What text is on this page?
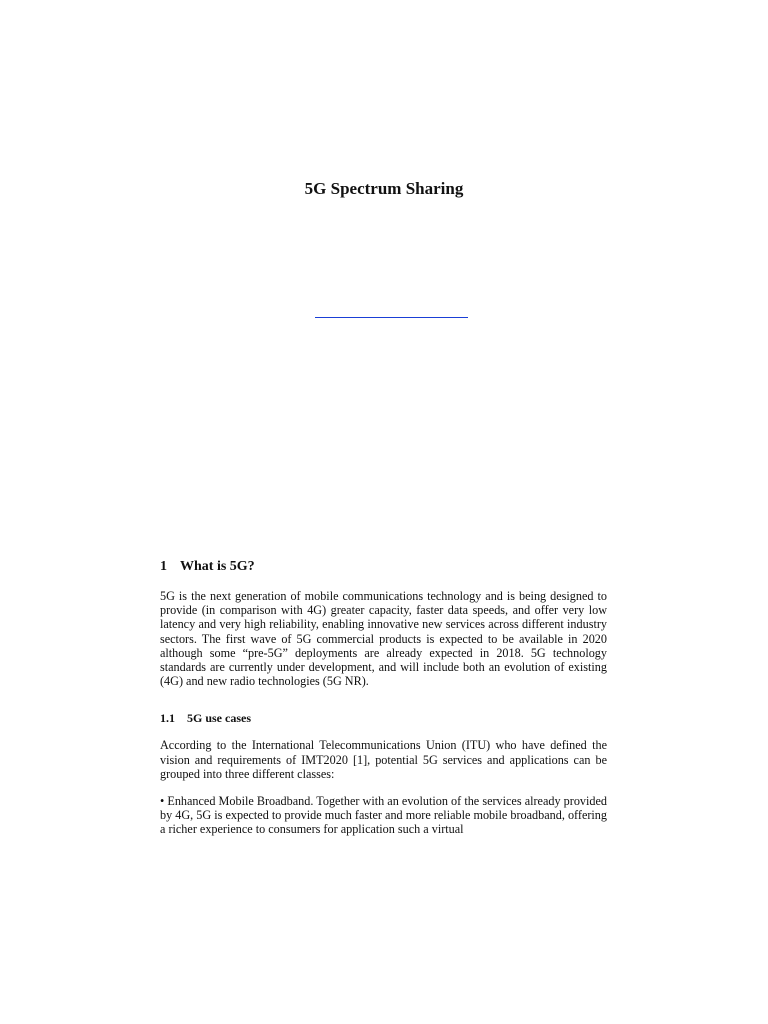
5G Spectrum Sharing
1 What is 5G?

5G is the next generation of mobile communications technology and is being designed to provide (in comparison with 4G) greater capacity, faster data speeds, and offer very low latency and very high reliability, enabling innovative new services across different industry sectors. The first wave of 5G commercial products is expected to be available in 2020 although some “pre-5G” deployments are already expected in 2018. 5G technology standards are currently under development, and will include both an evolution of existing (4G) and new radio technologies (5G NR).

1.1	5G use cases

According to the International Telecommunications Union (ITU) who have defined the vision and requirements of IMT2020 [1], potential 5G services and applications can be grouped into three different classes:

• Enhanced Mobile Broadband. Together with an evolution of the services already provided by 4G, 5G is expected to provide much faster and more reliable mobile broadband, offering a richer experience to consumers for application such a virtual
